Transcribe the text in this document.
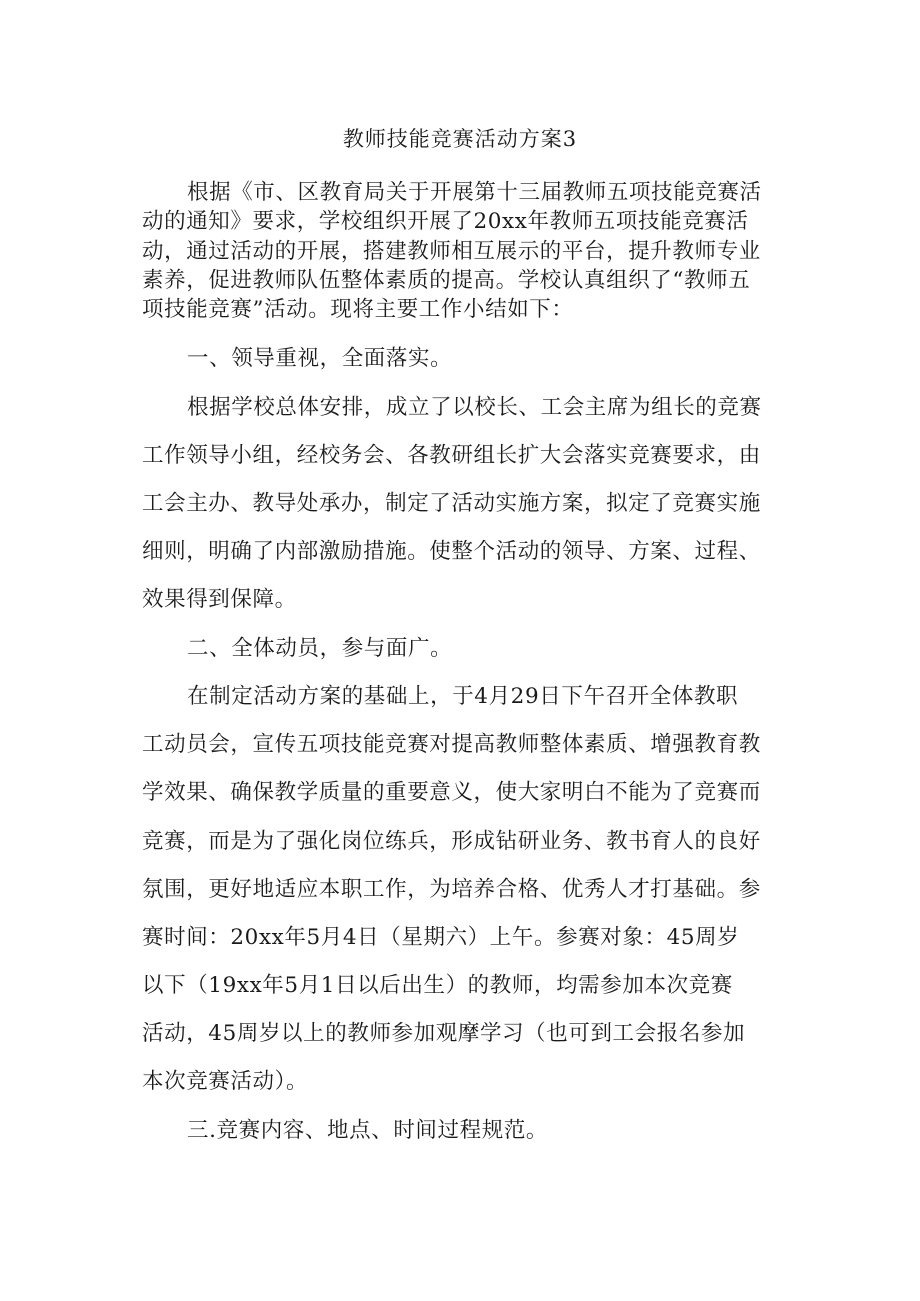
教师技能竞赛活动方案3
根据《市、区教育局关于开展第十三届教师五项技能竞赛活
动的通知》要求，学校组织开展了20xx年教师五项技能竞赛活
动，通过活动的开展，搭建教师相互展示的平台，提升教师专业
素养，促进教师队伍整体素质的提高。学校认真组织了“教师五
项技能竞赛”活动。现将主要工作小结如下：
一、领导重视，全面落实。
根据学校总体安排，成立了以校长、工会主席为组长的竞赛
工作领导小组，经校务会、各教研组长扩大会落实竞赛要求，由
工会主办、教导处承办，制定了活动实施方案，拟定了竞赛实施
细则，明确了内部激励措施。使整个活动的领导、方案、过程、
效果得到保障。
二、全体动员，参与面广。
在制定活动方案的基础上，于4月29日下午召开全体教职
工动员会，宣传五项技能竞赛对提高教师整体素质、增强教育教
学效果、确保教学质量的重要意义，使大家明白不能为了竞赛而
竞赛，而是为了强化岗位练兵，形成钻研业务、教书育人的良好
氛围，更好地适应本职工作，为培养合格、优秀人才打基础。参
赛时间：20xx年5月4日（星期六）上午。参赛对象：45周岁
以下（19xx年5月1日以后出生）的教师，均需参加本次竞赛
活动，45周岁以上的教师参加观摩学习（也可到工会报名参加
本次竞赛活动）。
三.竞赛内容、地点、时间过程规范。
